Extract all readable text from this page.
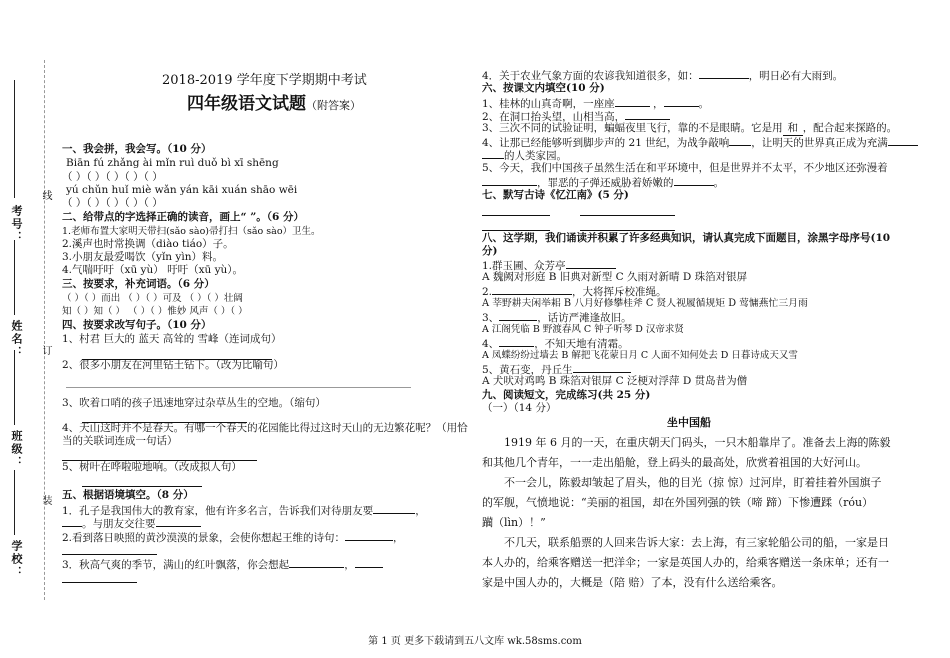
考号：
姓名：
班级：
学校：
线
订
装
2018-2019 学年度下学期期中考试
四年级语文试题（附答案）
一、我会拼，我会写。（10 分）
Biān fú zhǎng ài mǐn ruì duǒ bì xī shēng
（ ）（ ）（ ）（ ）（ ）
yú chǔn huǐ miè wǎn yán kāi xuán shāo wēi
（ ）（ ）（ ）（ ）（ ）
二、给带点的字选择正确的读音，画上“ ”。（6 分）
1.老师布置大家明天带扫(sǎo sào)帚打扫（sǎo sào）卫生。
2.溪声也时常换调（diào tiáo）子。
3.小朋友最爱喝饮（yǐn yìn）料。
4.气喘吁吁（xū yù） 吁吁（xū yù）。
三、按要求，补充词语。（6 分）
（ ）（ ）而出 （ ）（ ）可及 （ ）（ ）壮阔
知（ ）知（ ） （ ）（ ）惟妙 风声（ ）（ ）
四、按要求改写句子。（10 分）
1、村君 巨大的 蓝天 高耸的 雪峰（连词成句）
2、很多小朋友在河里钻土钻下。（改为比喻句）
3、吹着口哨的孩子迅速地穿过杂草丛生的空地。（缩句）
4、天山这时并不是春天。有哪一个春天的花园能比得过这时天山的无边繁花呢？（用恰
当的关联词连成一句话）
5、树叶在哗啦啦地响。（改成拟人句）
五、根据语境填空。（8 分）
1．孔子是我国伟大的教育家，他有许多名言，告诉我们对待朋友要	，
。与朋友交往要
2.看到落日映照的黄沙漠漠的景象，会使你想起王维的诗句：	，
3．秋高气爽的季节，满山的红叶飘落，你会想起	，
4．关于农业气象方面的农谚我知道很多，如：	，明日必有大雨到。
六、按课文内填空(10 分)
1、桂林的山真奇啊，一座座	，	。
2、在洞口抬头望，山相当高，
3、三次不同的试验证明，蝙蝠夜里飞行，靠的不是眼睛。它是用 和 ，配合起来探路的。
4、让那已经能够听到脚步声的 21 世纪，为战争敲响 ，让明天的世界真正成为充满
的人类家园。
5、今天，我们中国孩子虽然生活在和平环境中，但是世界并不太平，不少地区还弥漫着
，罪恶的子弹还威胁着娇嫩的	。
七、默写古诗《忆江南》(5 分)
八、这学期，我们诵读并积累了许多经典知识，请认真完成下面题目，涂黑字母序号(10
分)
1.群玉圃、众芳亭
A 魏阙对形庭 B 旧典对新型 C 久雨对新晴 D 珠箔对银屏
2.	，大将挥斥校准绳。
A 莘野耕夫闲举耜 B 八月好修攀桂斧 C 贤人视履循规矩 D 莺慵燕忙三月雨
3、	，话访严滩逢故旧。
A 江阁凭临 B 野渡春风 C 钟子听琴 D 汉帝求贤
4、	，不知天地有清霜。
A 凤蝶纷纷过墙去 B 解把飞花蒙日月 C 人面不知何处去 D 日暮诗成天又雪
5、黄石变，丹丘生
A 犬吠对鸡鸣 B 珠箔对银屏 C 泛梗对浮萍 D 贯岛昔为僧
九、阅读短文，完成练习(共 25 分)
（一）（14 分）
坐中国船
1919 年 6 月的一天，在重庆朝天门码头，一只木船靠岸了。准备去上海的陈毅
和其他几个青年，一一走出船舱，登上码头的最高处，欣赏着祖国的大好河山。
不一会儿，陈毅却皱起了眉头，他的目光（掠 惊）过河岸，盯着挂着外国旗子
的军舰，气愤地说：“美丽的祖国，却在外国列强的铁（啼 蹄）下惨遭蹂（róu）
躏（lìn）！”
不几天，联系船票的人回来告诉大家：去上海，有三家轮船公司的船，一家是日
本人办的，给乘客赠送一把洋伞；一家是英国人办的，给乘客赠送一条床单；还有一
家是中国人办的，大概是（陪 赔）了本，没有什么送给乘客。
第 1 页 更多下载请到五八文库 wk.58sms.com
